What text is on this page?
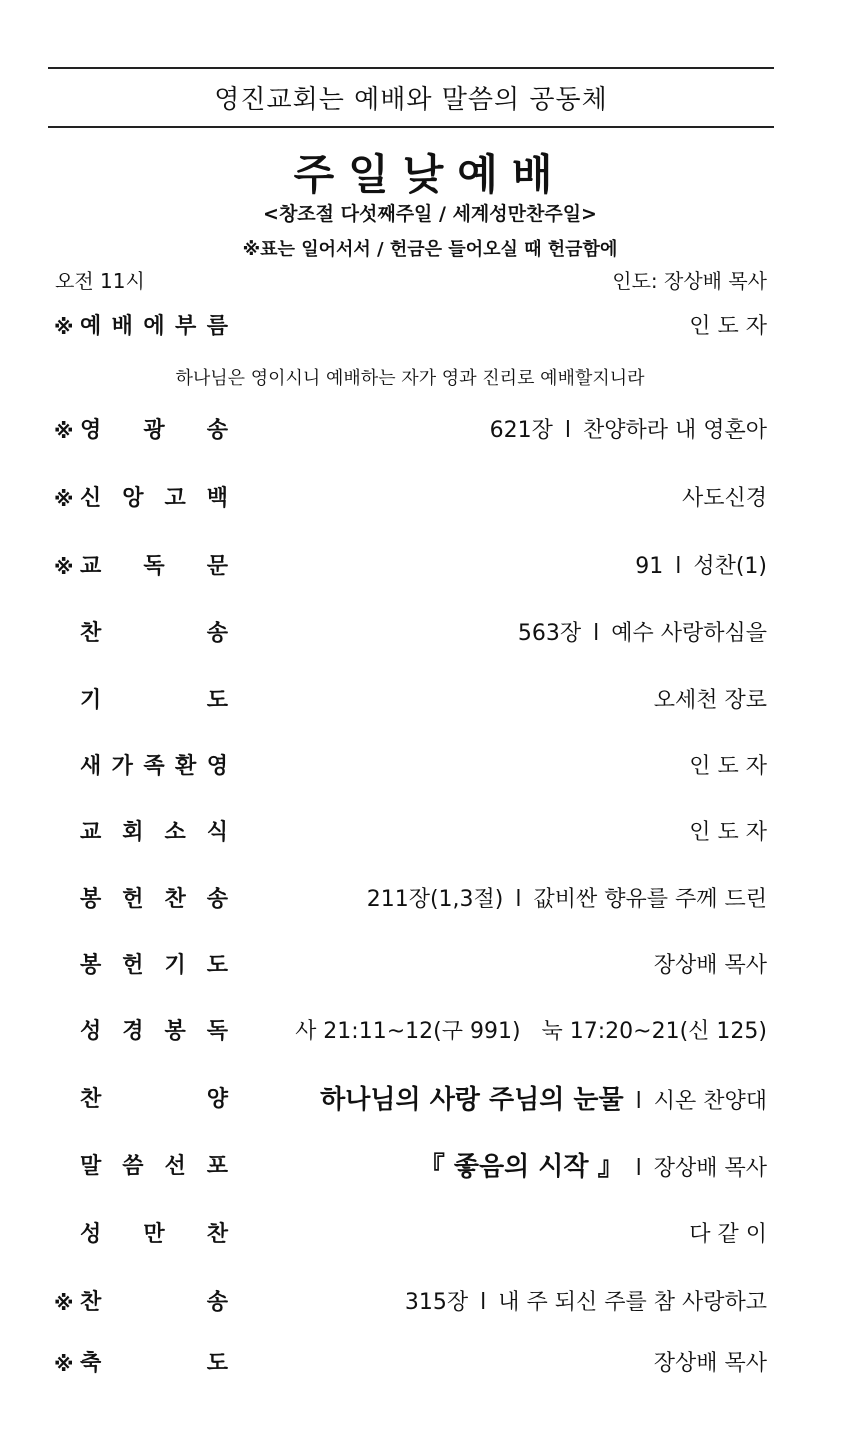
영진교회는 예배와 말씀의 공동체
주일낮예배
<창조절 다섯째주일 / 세계성만찬주일>
※표는 일어서서 / 헌금은 들어오실 때 헌금함에
오전 11시	인도: 장상배 목사
※ 예 배 에 부 름	인 도 자
하나님은 영이시니 예배하는 자가 영과 진리로 예배할지니라
※ 영 광 송	621장 l 찬양하라 내 영혼아
※ 신 앙 고 백	사도신경
※ 교 독 문	91 l 성찬(1)
찬	송	563장 l 예수 사랑하심을
기	도	오세천 장로
새 가 족 환 영	인 도 자
교 회 소 식	인 도 자
봉 헌 찬 송	211장(1,3절) l 값비싼 향유를 주께 드린
봉 헌 기 도	장상배 목사
성 경 봉 독	사 21:11~12(구 991)   눅 17:20~21(신 125)
찬	양	하나님의 사랑 주님의 눈물 l 시온 찬양대
말 씀 선 포	『 좋음의 시작 』 l 장상배 목사
성 만 찬	다 같 이
※ 찬	송	315장 l 내 주 되신 주를 참 사랑하고
※ 축	도	장상배 목사
